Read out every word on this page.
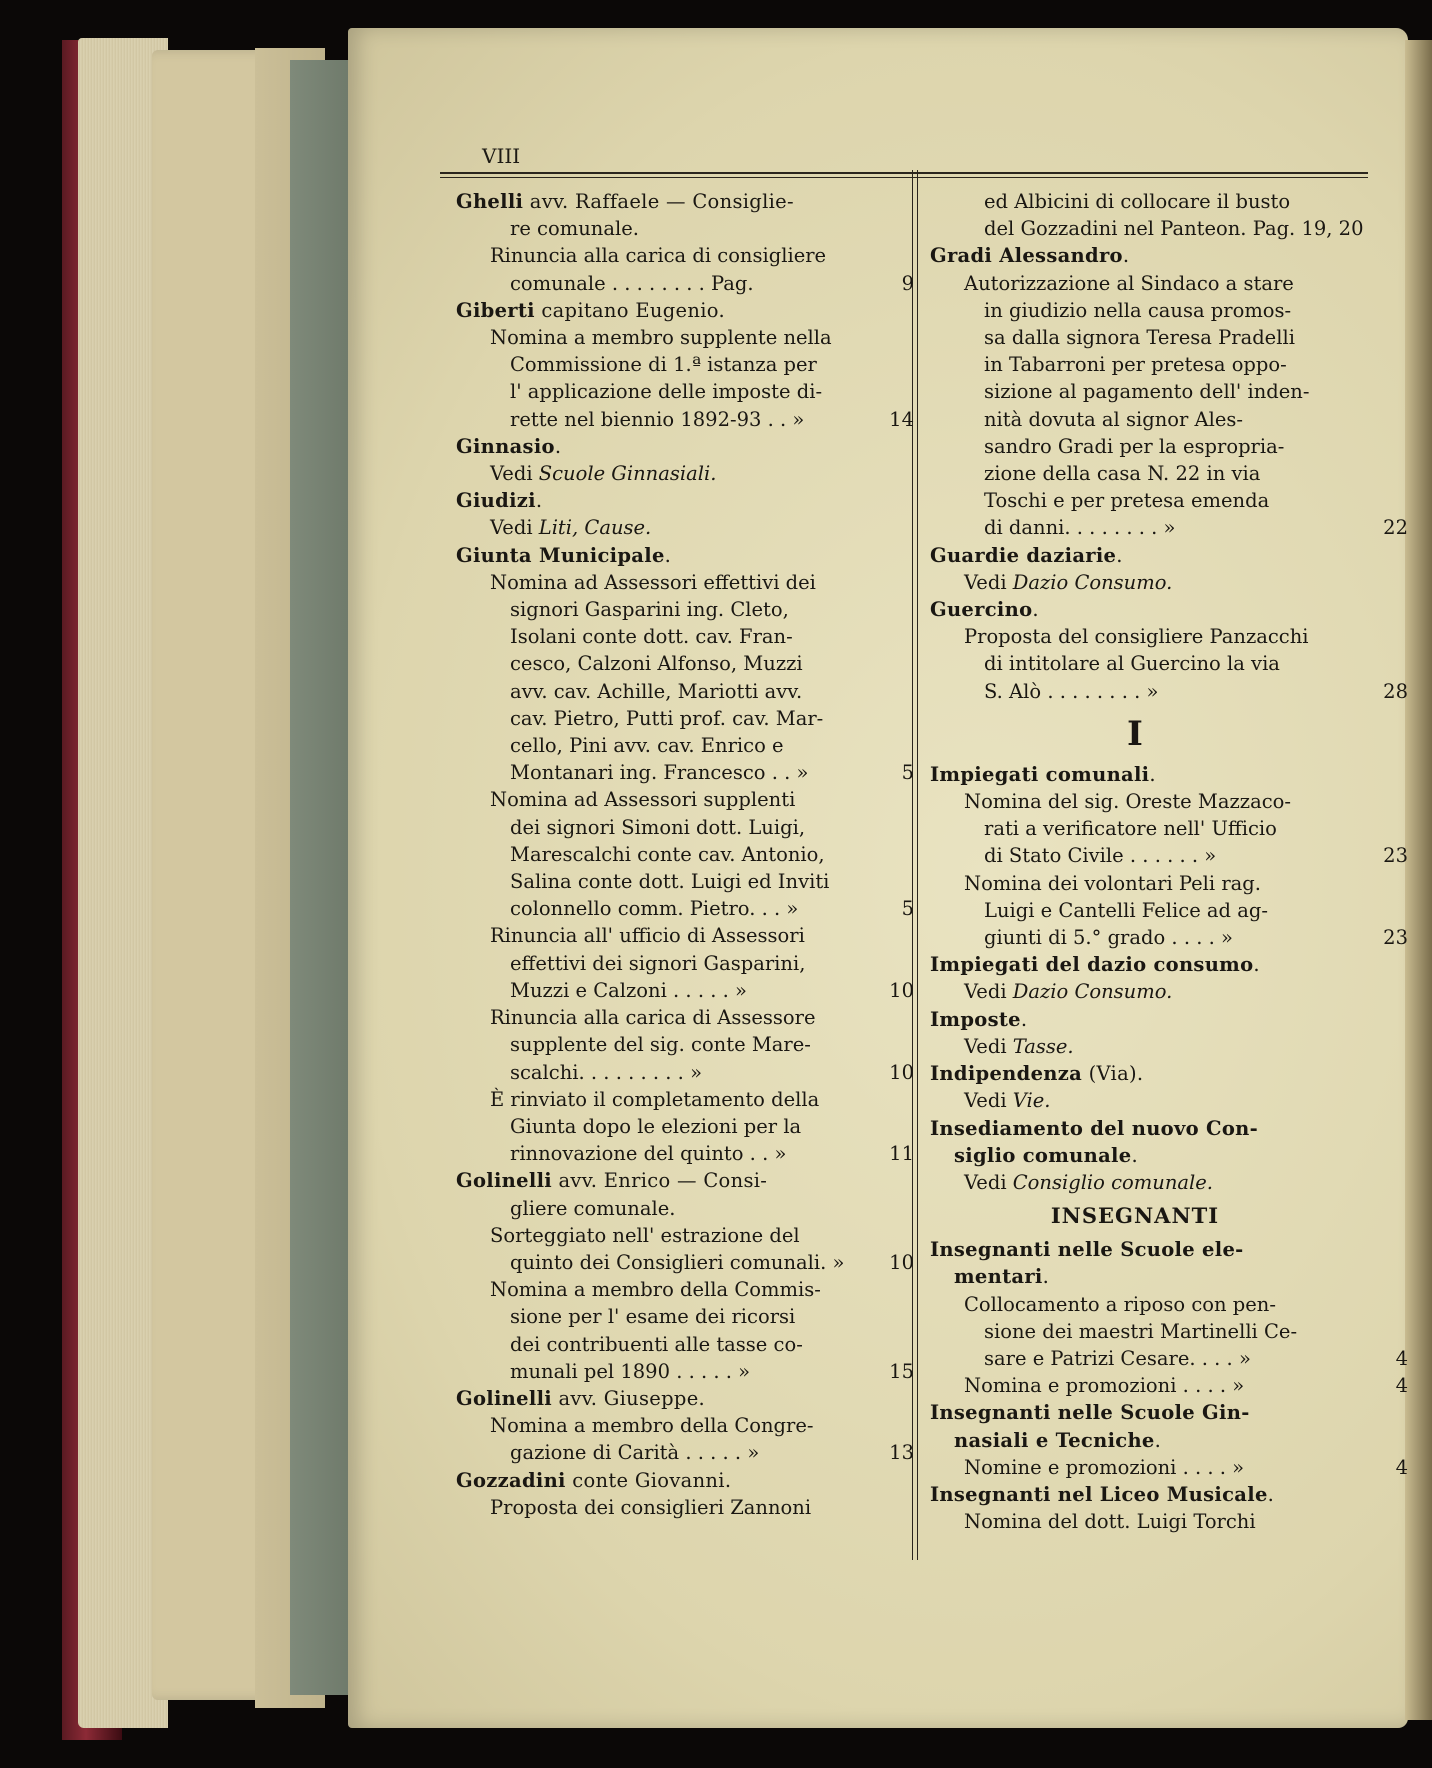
VIII
Ghelli avv. Raffaele — Consiglie-
re comunale.
Rinuncia alla carica di consigliere
comunale . . . . . . . . Pag.	9
Giberti capitano Eugenio.
Nomina a membro supplente nella
Commissione di 1.ª istanza per
l' applicazione delle imposte di-
rette nel biennio 1892-93 . . »	14
Ginnasio.
Vedi Scuole Ginnasiali.
Giudizi.
Vedi Liti, Cause.
Giunta Municipale.
Nomina ad Assessori effettivi dei
signori Gasparini ing. Cleto,
Isolani conte dott. cav. Fran-
cesco, Calzoni Alfonso, Muzzi
avv. cav. Achille, Mariotti avv.
cav. Pietro, Putti prof. cav. Mar-
cello, Pini avv. cav. Enrico e
Montanari ing. Francesco . . »	5
Nomina ad Assessori supplenti
dei signori Simoni dott. Luigi,
Marescalchi conte cav. Antonio,
Salina conte dott. Luigi ed Inviti
colonnello comm. Pietro. . . »	5
Rinuncia all' ufficio di Assessori
effettivi dei signori Gasparini,
Muzzi e Calzoni . . . . . »	10
Rinuncia alla carica di Assessore
supplente del sig. conte Mare-
scalchi. . . . . . . . . »	10
È rinviato il completamento della
Giunta dopo le elezioni per la
rinnovazione del quinto . . »	11
Golinelli avv. Enrico — Consi-
gliere comunale.
Sorteggiato nell' estrazione del
quinto dei Consiglieri comunali. » 10
Nomina a membro della Commis-
sione per l' esame dei ricorsi
dei contribuenti alle tasse co-
munali pel 1890 . . . . . »	15
Golinelli avv. Giuseppe.
Nomina a membro della Congre-
gazione di Carità . . . . . »	13
Gozzadini conte Giovanni.
Proposta dei consiglieri Zannoni
ed Albicini di collocare il busto
del Gozzadini nel Panteon. Pag. 19, 20
Gradi Alessandro.
Autorizzazione al Sindaco a stare
in giudizio nella causa promos-
sa dalla signora Teresa Pradelli
in Tabarroni per pretesa oppo-
sizione al pagamento dell' inden-
nità dovuta al signor Ales-
sandro Gradi per la espropria-
zione della casa N. 22 in via
Toschi e per pretesa emenda
di danni. . . . . . . . »	22
Guardie daziarie.
Vedi Dazio Consumo.
Guercino.
Proposta del consigliere Panzacchi
di intitolare al Guercino la via
S. Alò . . . . . . . . »	28
I
Impiegati comunali.
Nomina del sig. Oreste Mazzaco-
rati a verificatore nell' Ufficio
di Stato Civile . . . . . . »	23
Nomina dei volontari Peli rag.
Luigi e Cantelli Felice ad ag-
giunti di 5.° grado . . . . »	23
Impiegati del dazio consumo.
Vedi Dazio Consumo.
Imposte.
Vedi Tasse.
Indipendenza (Via).
Vedi Vie.
Insediamento del nuovo Con-
siglio comunale.
Vedi Consiglio comunale.
INSEGNANTI
Insegnanti nelle Scuole ele-
mentari.
Collocamento a riposo con pen-
sione dei maestri Martinelli Ce-
sare e Patrizi Cesare. . . . »	4
Nomina e promozioni . . . . »	4
Insegnanti nelle Scuole Gin-
nasiali e Tecniche.
Nomine e promozioni . . . . »	4
Insegnanti nel Liceo Musicale.
Nomina del dott. Luigi Torchi
